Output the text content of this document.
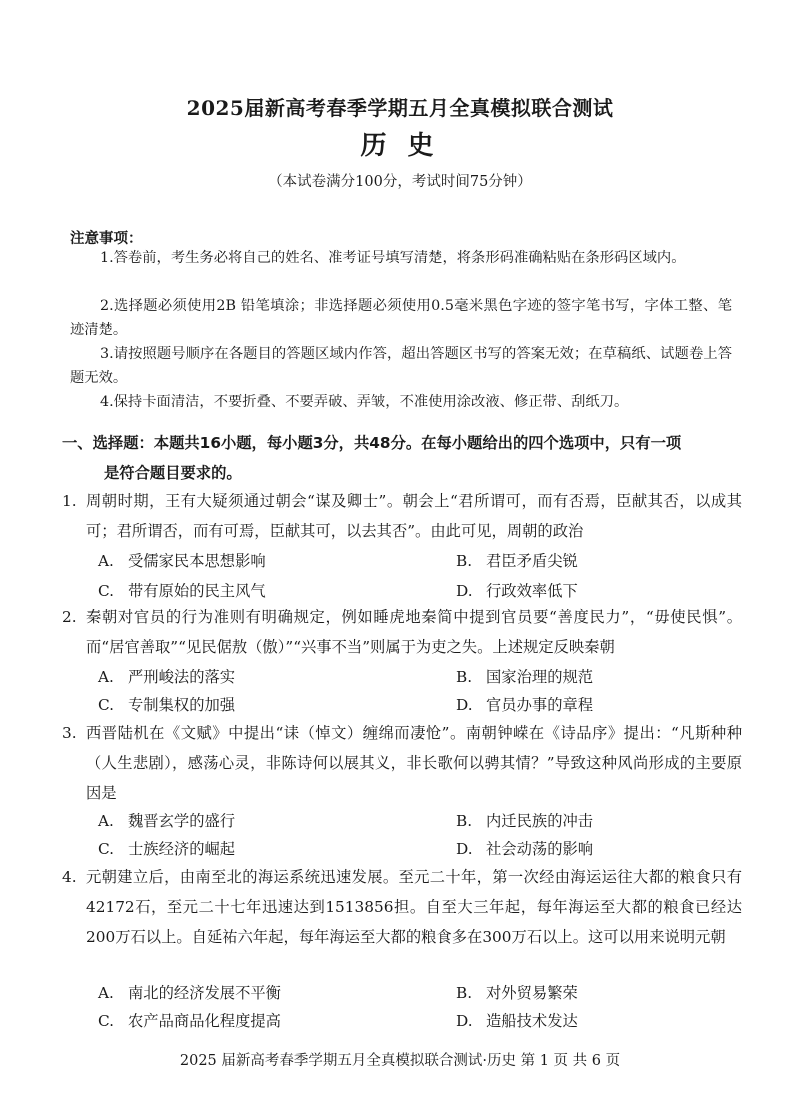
2025届新高考春季学期五月全真模拟联合测试
历 史
（本试卷满分100分，考试时间75分钟）
注意事项：
1.答卷前，考生务必将自己的姓名、准考证号填写清楚，将条形码准确粘贴在条形码区域内。
2.选择题必须使用2B 铅笔填涂；非选择题必须使用0.5毫米黑色字迹的签字笔书写，字体工整、笔迹清楚。
3.请按照题号顺序在各题目的答题区域内作答，超出答题区书写的答案无效；在草稿纸、试题卷上答题无效。
4.保持卡面清洁，不要折叠、不要弄破、弄皱，不准使用涂改液、修正带、刮纸刀。
一、选择题：本题共16小题，每小题3分，共48分。在每小题给出的四个选项中，只有一项
是符合题目要求的。
1. 周朝时期，王有大疑须通过朝会“谋及卿士”。朝会上“君所谓可，而有否焉，臣献其否，以成其可；君所谓否，而有可焉，臣献其可，以去其否”。由此可见，周朝的政治
A. 受儒家民本思想影响	B. 君臣矛盾尖锐
C. 带有原始的民主风气	D. 行政效率低下
2. 秦朝对官员的行为准则有明确规定，例如睡虎地秦简中提到官员要“善度民力”，“毋使民惧”。而“居官善取”“见民倨敖（傲）”“兴事不当”则属于为吏之失。上述规定反映秦朝
A. 严刑峻法的落实	B. 国家治理的规范
C. 专制集权的加强	D. 官员办事的章程
3. 西晋陆机在《文赋》中提出“诔（悼文）缠绵而凄怆”。南朝钟嵘在《诗品序》提出：“凡斯种种（人生悲剧），感荡心灵，非陈诗何以展其义，非长歌何以骋其情？”导致这种风尚形成的主要原因是
A. 魏晋玄学的盛行	B. 内迁民族的冲击
C. 士族经济的崛起	D. 社会动荡的影响
4. 元朝建立后，由南至北的海运系统迅速发展。至元二十年，第一次经由海运运往大都的粮食只有42172石，至元二十七年迅速达到1513856担。自至大三年起，每年海运至大都的粮食已经达200万石以上。自延祐六年起，每年海运至大都的粮食多在300万石以上。这可以用来说明元朝
A. 南北的经济发展不平衡	B. 对外贸易繁荣
C. 农产品商品化程度提高	D. 造船技术发达
2025 届新高考春季学期五月全真模拟联合测试·历史 第 1 页 共 6 页
